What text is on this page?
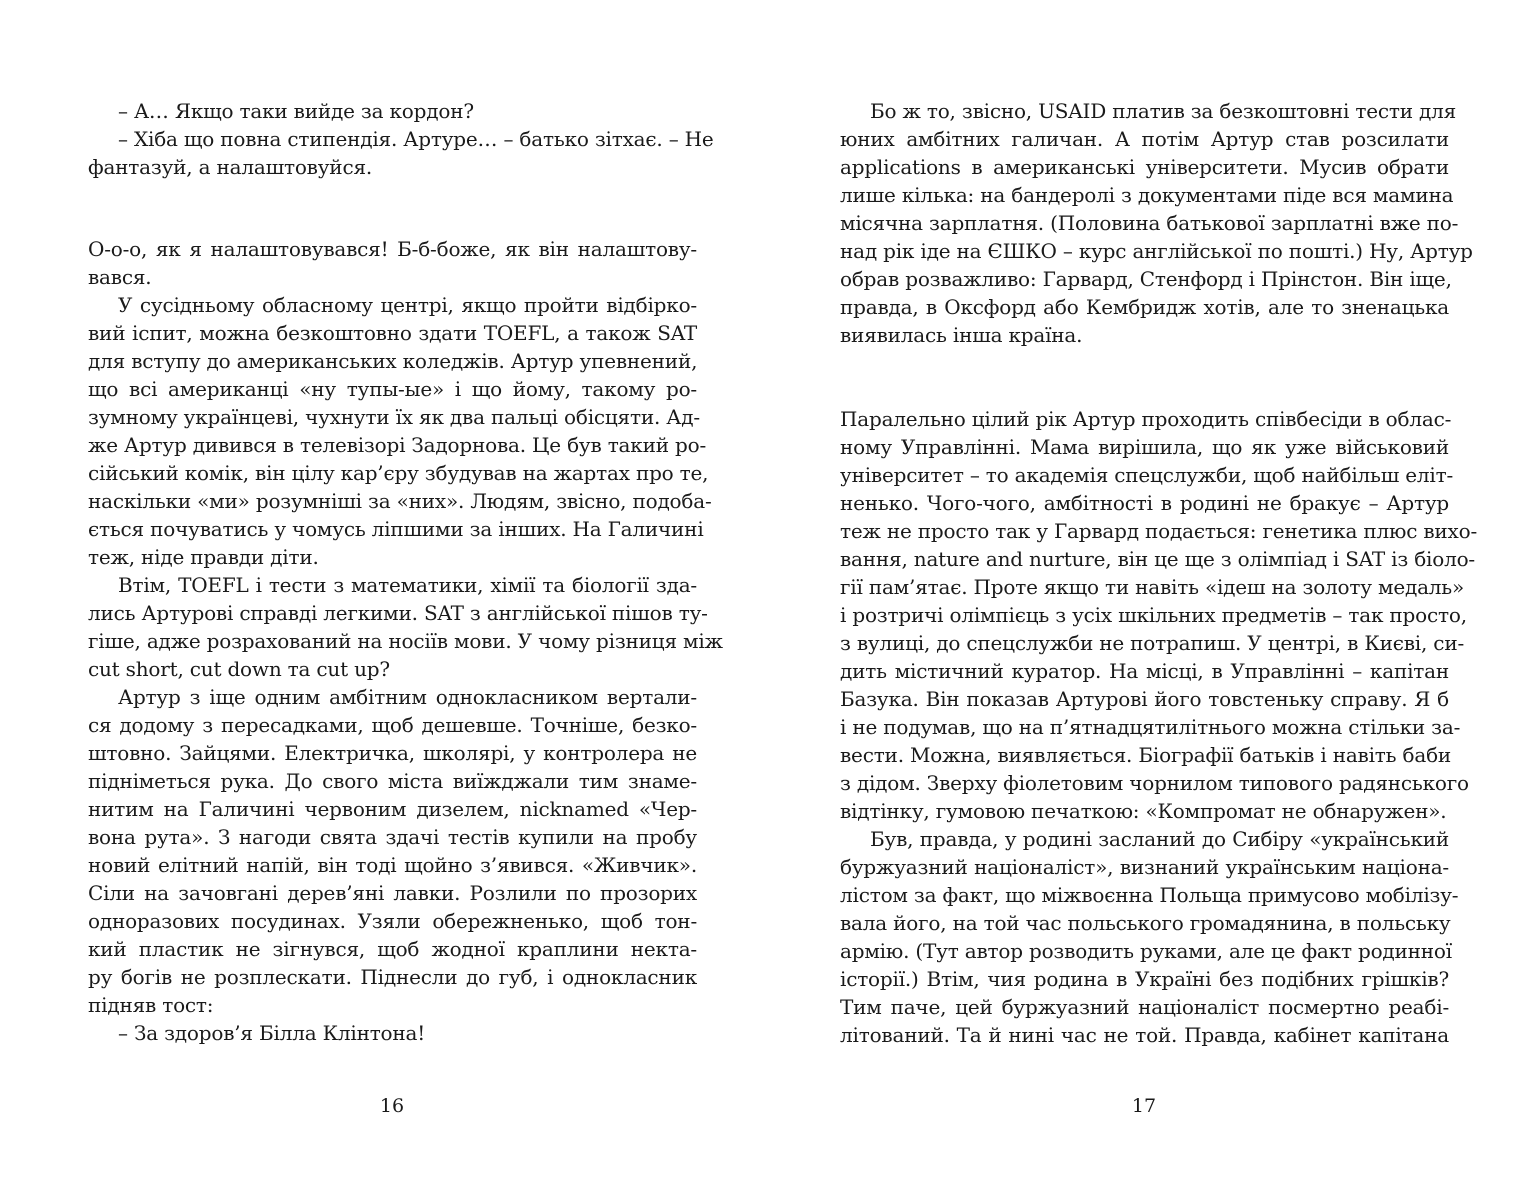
– А… Якщо таки вийде за кордон?

– Хіба що повна стипендія. Артуре… – батько зітхає. – Не

фантазуй, а налаштовуйся.

О-о-о, як я налаштовувався! Б-б-боже, як він налаштову-

вався.

У сусідньому обласному центрі, якщо пройти відбірко-

вий іспит, можна безкоштовно здати TOEFL, а також SAT

для вступу до американських коледжів. Артур упевнений,

що всі американці «ну тупы-ые» і що йому, такому ро-

зумному українцеві, чухнути їх як два пальці обісцяти. Ад-

же Артур дивився в телевізорі Задорнова. Це був такий ро-

сійський комік, він цілу кар’єру збудував на жартах про те,

наскільки «ми» розумніші за «них». Людям, звісно, подоба-

ється почуватись у чомусь ліпшими за інших. На Галичині

теж, ніде правди діти.

Втім, TOEFL і тести з математики, хімії та біології зда-

лись Артурові справді легкими. SAT з англійської пішов ту-

гіше, адже розрахований на носіїв мови. У чому різниця між

cut short, cut down та cut up?

Артур з іще одним амбітним однокласником вертали-

ся додому з пересадками, щоб дешевше. Точніше, безко-

штовно. Зайцями. Електричка, школярі, у контролера не

підніметься рука. До свого міста виїжджали тим знаме-

нитим на Галичині червоним дизелем, nicknamed «Чер-

вона рута». З нагоди свята здачі тестів купили на пробу

новий елітний напій, він тоді щойно з’явився. «Живчик».

Сіли на зачовгані дерев’яні лавки. Розлили по прозорих

одноразових посудинах. Узяли обережненько, щоб тон-

кий пластик не зігнувся, щоб жодної краплини некта-

ру богів не розплескати. Піднесли до губ, і однокласник

підняв тост:

– За здоров’я Білла Клінтона!

16

Бо ж то, звісно, USAID платив за безкоштовні тести для

юних амбітних галичан. А потім Артур став розсилати

applications в американські університети. Мусив обрати

лише кілька: на бандеролі з документами піде вся мамина

місячна зарплатня. (Половина батькової зарплатні вже по-

над рік іде на ЄШКО – курс англійської по пошті.) Ну, Артур

обрав розважливо: Гарвард, Стенфорд і Прінстон. Він іще,

правда, в Оксфорд або Кембридж хотів, але то зненацька

виявилась інша країна.

Паралельно цілий рік Артур проходить співбесіди в облас-

ному Управлінні. Мама вирішила, що як уже військовий

університет – то академія спецслужби, щоб найбільш еліт-

ненько. Чого-чого, амбітності в родині не бракує – Артур

теж не просто так у Гарвард подається: генетика плюс вихо-

вання, nature and nurture, він це ще з олімпіад і SAT із біоло-

гії пам’ятає. Проте якщо ти навіть «ідеш на золоту медаль»

і розтричі олімпієць з усіх шкільних предметів – так просто,

з вулиці, до спецслужби не потрапиш. У центрі, в Києві, си-

дить містичний куратор. На місці, в Управлінні – капітан

Базука. Він показав Артурові його товстеньку справу. Я б

і не подумав, що на п’ятнадцятилітнього можна стільки за-

вести. Можна, виявляється. Біографії батьків і навіть баби

з дідом. Зверху фіолетовим чорнилом типового радянського

відтінку, гумовою печаткою: «Компромат не обнаружен».

Був, правда, у родині засланий до Сибіру «український

буржуазний націоналіст», визнаний українським націона-

лістом за факт, що міжвоєнна Польща примусово мобілізу-

вала його, на той час польського громадянина, в польську

армію. (Тут автор розводить руками, але це факт родинної

історії.) Втім, чия родина в Україні без подібних грішків?

Тим паче, цей буржуазний націоналіст посмертно реабі-

літований. Та й нині час не той. Правда, кабінет капітана

17
